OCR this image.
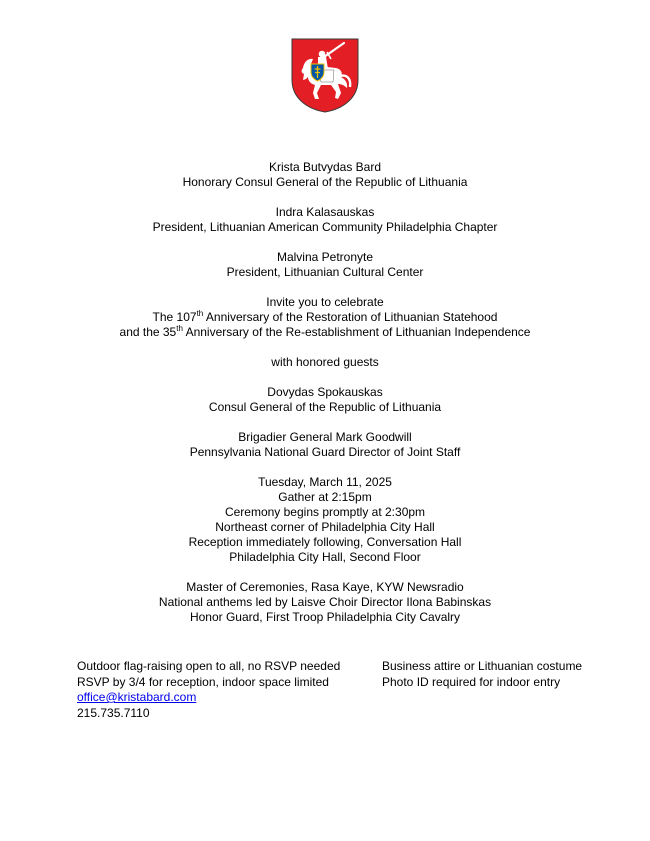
Krista Butvydas Bard
Honorary Consul General of the Republic of Lithuania
Indra Kalasauskas
President, Lithuanian American Community Philadelphia Chapter
Malvina Petronyte
President, Lithuanian Cultural Center
Invite you to celebrate
The 107th Anniversary of the Restoration of Lithuanian Statehood
and the 35th Anniversary of the Re-establishment of Lithuanian Independence
with honored guests
Dovydas Spokauskas
Consul General of the Republic of Lithuania
Brigadier General Mark Goodwill
Pennsylvania National Guard Director of Joint Staff
Tuesday, March 11, 2025
Gather at 2:15pm
Ceremony begins promptly at 2:30pm
Northeast corner of Philadelphia City Hall
Reception immediately following, Conversation Hall
Philadelphia City Hall, Second Floor
Master of Ceremonies, Rasa Kaye, KYW Newsradio
National anthems led by Laisve Choir Director Ilona Babinskas
Honor Guard, First Troop Philadelphia City Cavalry
Outdoor flag-raising open to all, no RSVP needed
RSVP by 3/4 for reception, indoor space limited
office@kristabard.com
215.735.7110
Business attire or Lithuanian costume
Photo ID required for indoor entry
